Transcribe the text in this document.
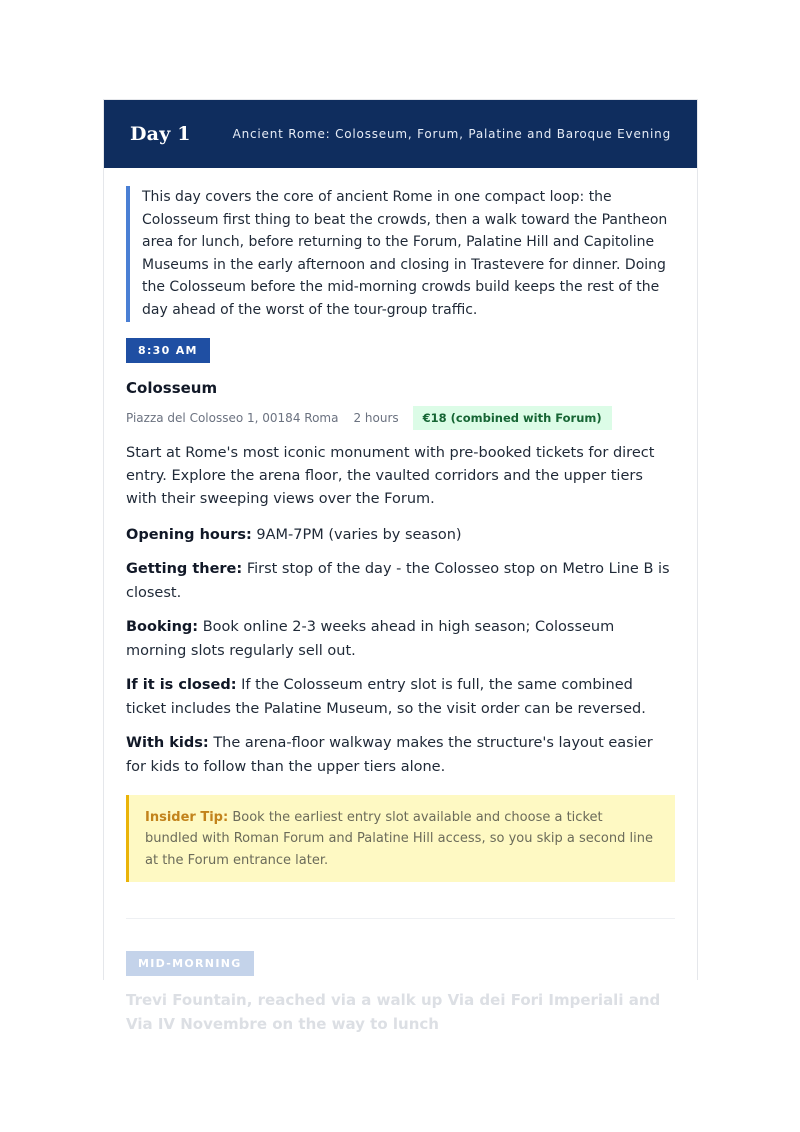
Day 1	Ancient Rome: Colosseum, Forum, Palatine and Baroque Evening

This day covers the core of ancient Rome in one compact loop: the Colosseum first thing to beat the crowds, then a walk toward the Pantheon area for lunch, before returning to the Forum, Palatine Hill and Capitoline Museums in the early afternoon and closing in Trastevere for dinner. Doing the Colosseum before the mid-morning crowds build keeps the rest of the day ahead of the worst of the tour-group traffic.

8:30 AM
Colosseum
Piazza del Colosseo 1, 00184 Roma 2 hours	€18 (combined with Forum)

Start at Rome's most iconic monument with pre-booked tickets for direct entry. Explore the arena floor, the vaulted corridors and the upper tiers with their sweeping views over the Forum.

Opening hours: 9AM-7PM (varies by season)

Getting there: First stop of the day - the Colosseo stop on Metro Line B is closest.

Booking: Book online 2-3 weeks ahead in high season; Colosseum morning slots regularly sell out.

If it is closed: If the Colosseum entry slot is full, the same combined ticket includes the Palatine Museum, so the visit order can be reversed.

With kids: The arena-floor walkway makes the structure's layout easier for kids to follow than the upper tiers alone.

Insider Tip: Book the earliest entry slot available and choose a ticket bundled with Roman Forum and Palatine Hill access, so you skip a second line at the Forum entrance later.
MID-MORNING
Trevi Fountain, reached via a walk up Via dei Fori Imperiali and Via IV Novembre on the way to lunch
